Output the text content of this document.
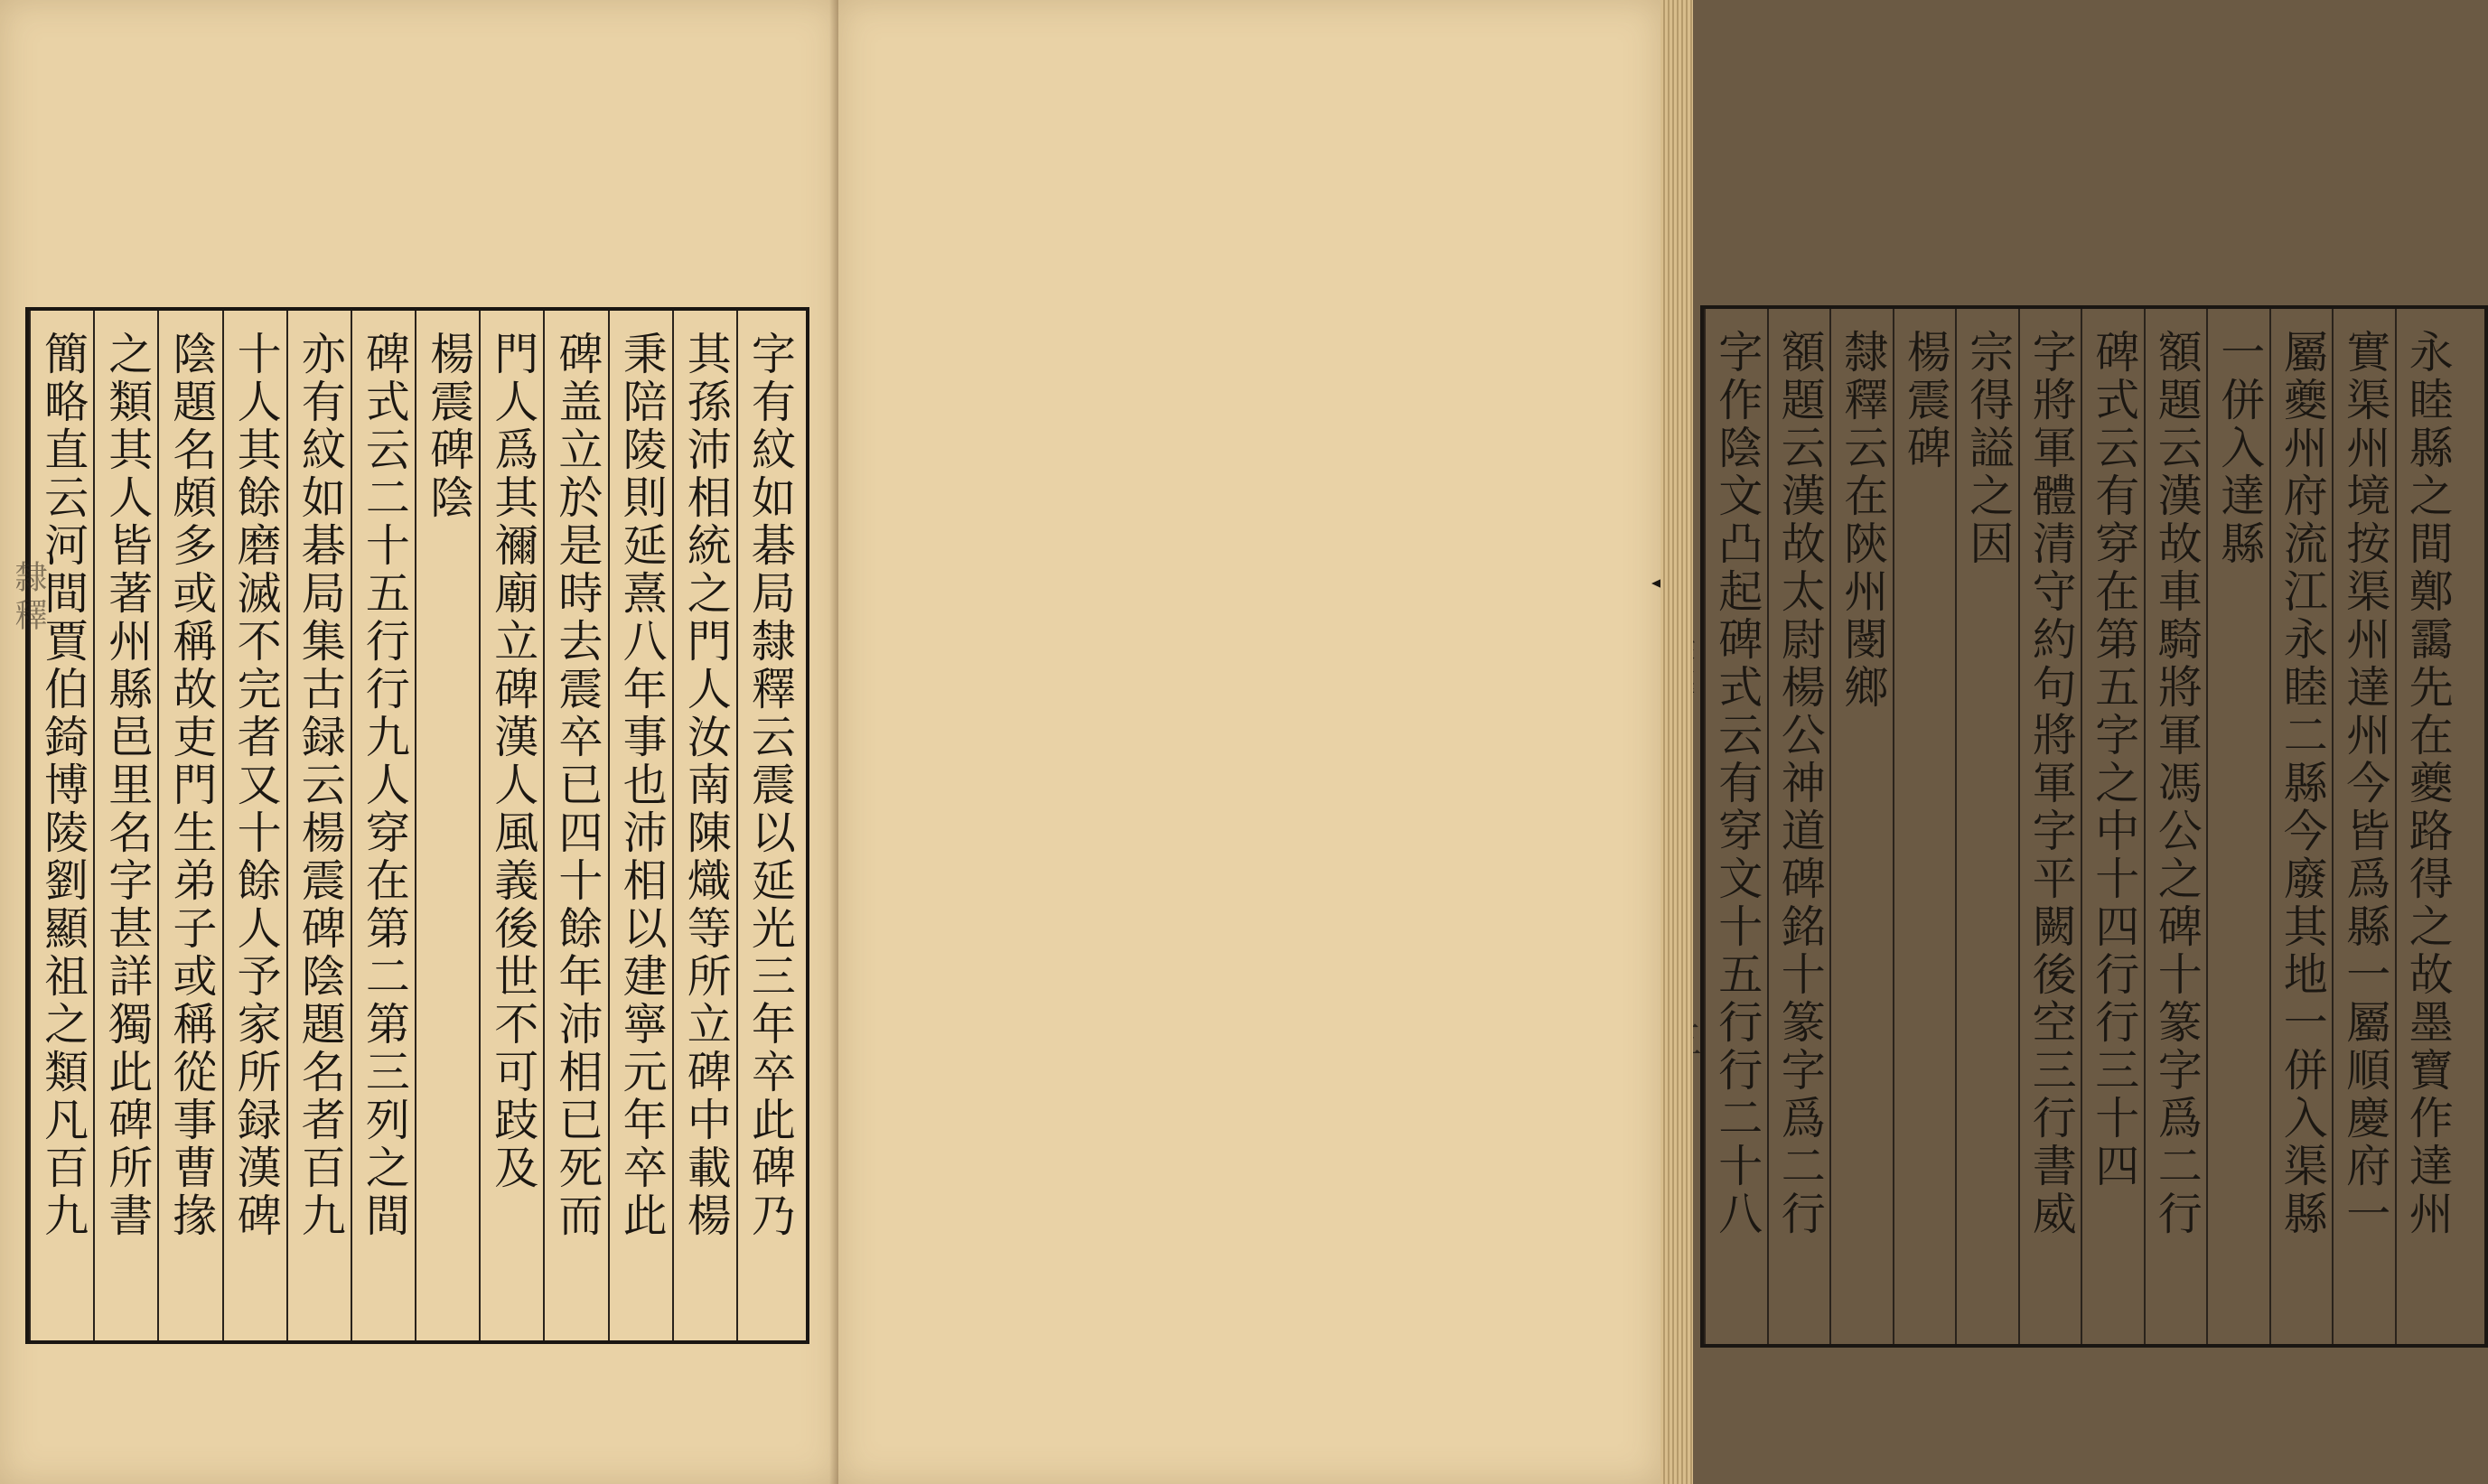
字有紋如碁局隸釋云震以延光三年卒此碑乃
其孫沛相統之門人汝南陳熾等所立碑中載楊
秉陪陵則延熹八年事也沛相以建寧元年卒此
碑盖立於是時去震卒已四十餘年沛相已死而
門人爲其禰廟立碑漢人風義後世不可跂及
楊震碑陰
碑式云二十五行行九人穿在第二第三列之間
亦有紋如碁局集古録云楊震碑陰題名者百九
十人其餘磨滅不完者又十餘人予家所録漢碑
陰題名頗多或稱故吏門生弟子或稱從事曹掾
之類其人皆著州縣邑里名字甚詳獨此碑所書
簡略直云河間賈伯錡博陵劉顯祖之類凡百九
隸釋	永睦縣之間鄭靄先在夔路得之故墨寶作達州
實渠州境按渠州達州今皆爲縣一屬順慶府一
屬夔州府流江永睦二縣今廢其地一併入渠縣
一併入達縣
額題云漢故車騎將軍馮公之碑十篆字爲二行
碑式云有穿在第五字之中十四行行三十四
字將軍體清守約句將軍字平闕後空三行書威
宗得謚之因
楊震碑
隸釋云在陝州閿鄉
額題云漢故太尉楊公神道碑銘十篆字爲二行
字作陰文凸起碑式云有穿文十五行行二十八
